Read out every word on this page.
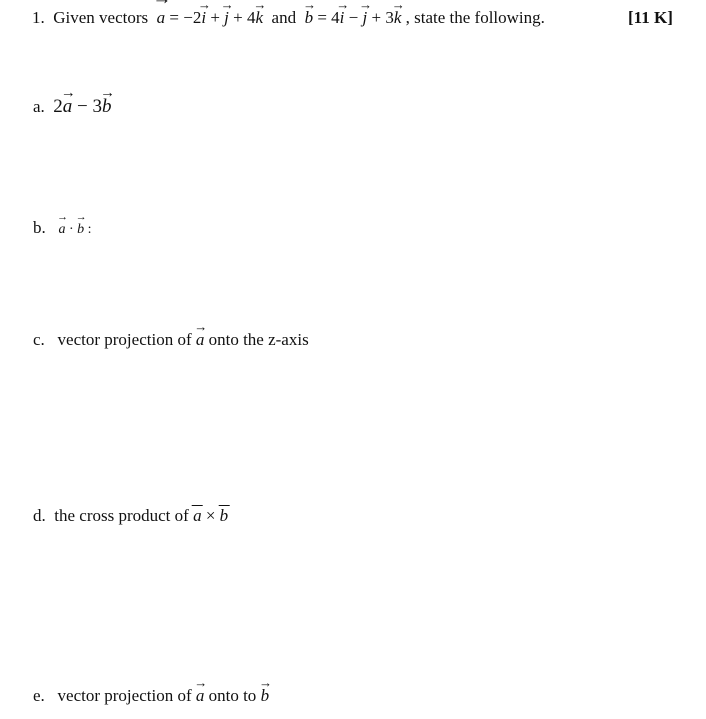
1. Given vectors → a = −2→ i + → j + 4→ k and → b = 4→ i − → j + 3→ k , state the following.	[11 K]
a. 2→ a − 3→ b
b. → a · → b :
c. vector projection of → a onto the z-axis
d. the cross product of a × b
e. vector projection of → a onto to → b
